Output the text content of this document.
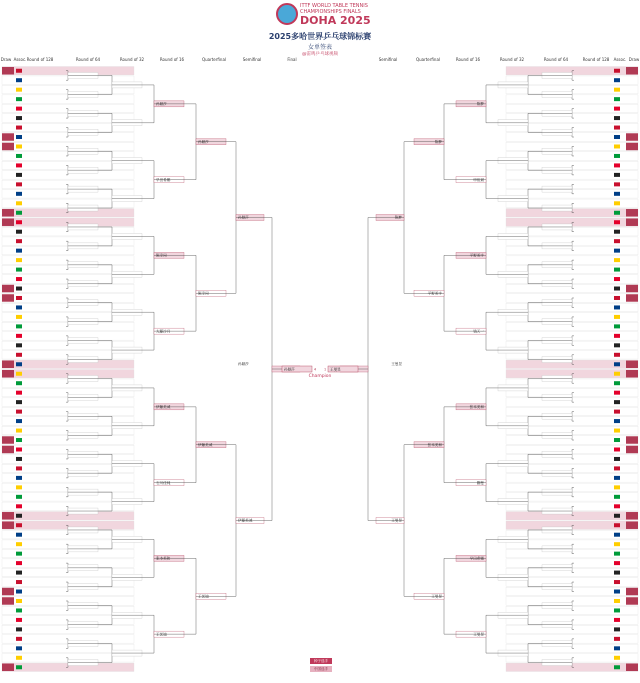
ITTF WORLD TABLE TENNIS
CHAMPIONSHIPS FINALS
DOHA 2025
2025多哈世界乒乓球锦标赛
女单签表
@雷鸣乒乓球视频
Draw Assoc. Round of 128	Round of 64	Round of 32	Round of 16	Quarterfinal	Semifinal	Final	Semifinal	Quarterfinal	Round of 16	Round of 32	Round of 64	Round of 128 Assoc. Draw
孙颖莎
早田希娜
陈幸同
大藤沙月
伊藤美诚
石川佳纯
张本美和
王艺迪
孙颖莎
陈幸同
伊藤美诚
王艺迪
孙颖莎
伊藤美诚
陈梦
申裕斌
平野美宇
钱天一
张本美和
蒯曼
早田希娜
王曼昱
陈梦
平野美宇
张本美和
王曼昱
陈梦
王曼昱
孙颖莎	王曼昱
4 1
孙颖莎	王曼昱
Champion
种子选手
中国选手
